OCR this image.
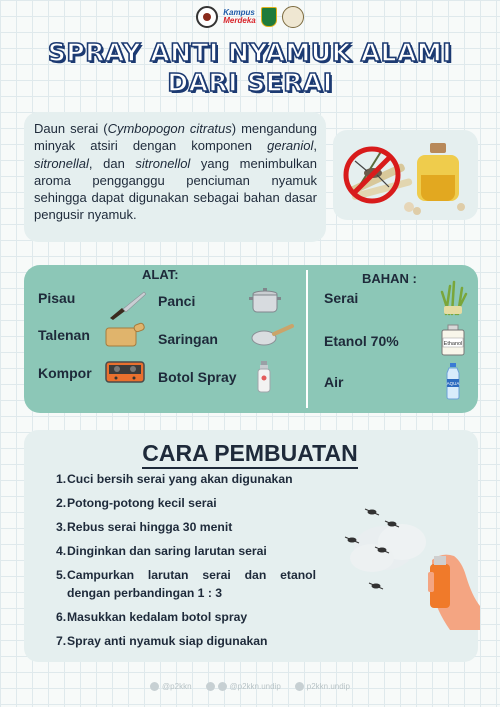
Kampus
Merdeka
SPRAY ANTI NYAMUK ALAMI
DARI SERAI
Daun serai (Cymbopogon citratus) mengandung minyak atsiri dengan komponen geraniol, sitronellal, dan sitronellol yang menimbulkan aroma pengganggu penciuman nyamuk sehingga dapat digunakan sebagai bahan dasar pengusir nyamuk.
ALAT:	BAHAN :
Pisau
Talenan
Kompor
Panci
Saringan
Botol Spray
Serai
Etanol 70%
Air
Ethanol
AQUA
CARA PEMBUATAN
1. Cuci bersih serai yang akan digunakan
2. Potong-potong kecil serai
3. Rebus serai hingga 30 menit
4. Dinginkan dan saring larutan serai
5. Campurkan larutan serai dan etanol dengan perbandingan 1 : 3
6. Masukkan kedalam botol spray
7. Spray anti nyamuk siap digunakan
@p2kkn	@p2kkn.undip	p2kkn.undip
